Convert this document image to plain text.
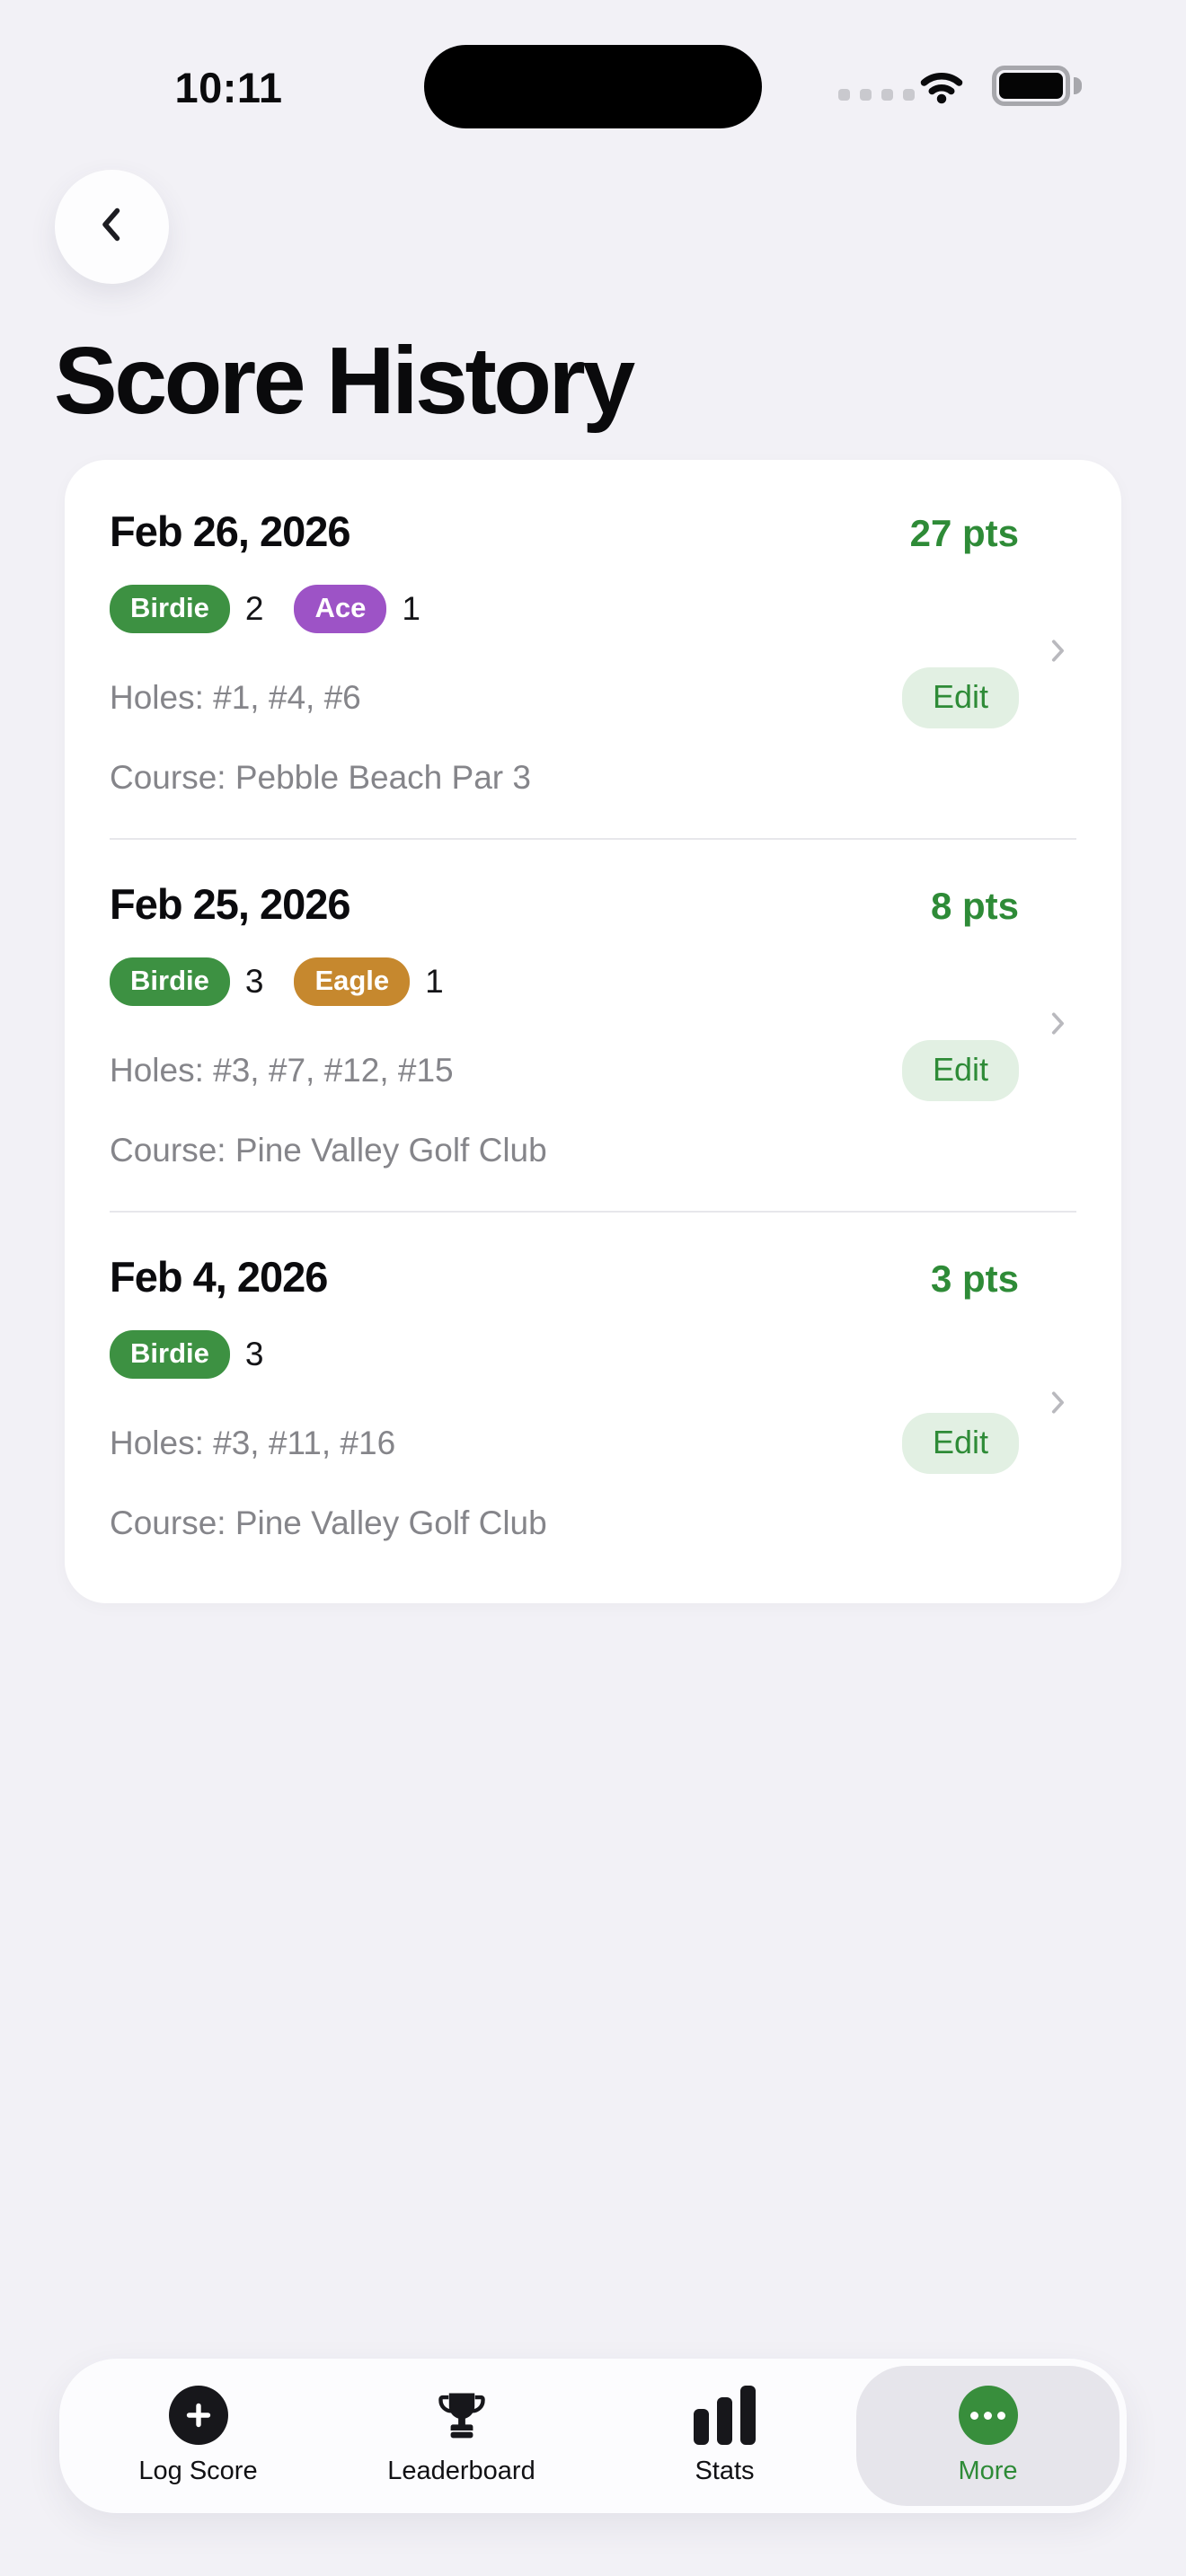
10:11
Score History
Feb 26, 2026	27 pts
Birdie	2	Ace	1
Holes: #1, #4, #6	Edit
Course: Pebble Beach Par 3
Feb 25, 2026	8 pts
Birdie	3	Eagle	1
Holes: #3, #7, #12, #15	Edit
Course: Pine Valley Golf Club
Feb 4, 2026	3 pts
Birdie	3
Holes: #3, #11, #16	Edit
Course: Pine Valley Golf Club
Log Score	Leaderboard	Stats	More
